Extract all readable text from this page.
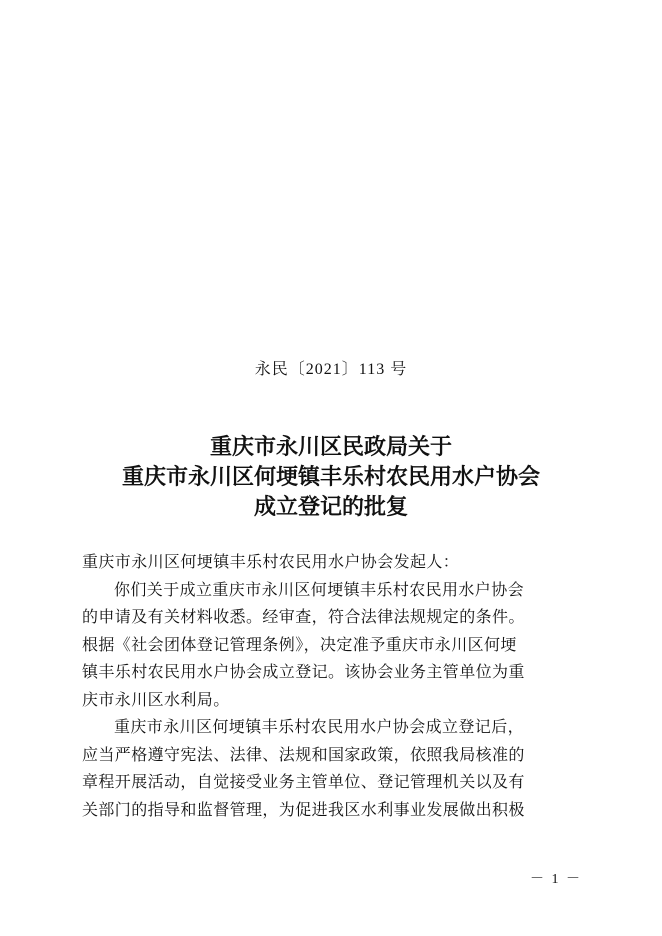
永民〔2021〕113 号
重庆市永川区民政局关于
重庆市永川区何埂镇丰乐村农民用水户协会
成立登记的批复
重庆市永川区何埂镇丰乐村农民用水户协会发起人：
你们关于成立重庆市永川区何埂镇丰乐村农民用水户协会
的申请及有关材料收悉。经审查，符合法律法规规定的条件。
根据《社会团体登记管理条例》，决定准予重庆市永川区何埂
镇丰乐村农民用水户协会成立登记。该协会业务主管单位为重
庆市永川区水利局。
重庆市永川区何埂镇丰乐村农民用水户协会成立登记后，
应当严格遵守宪法、法律、法规和国家政策，依照我局核准的
章程开展活动，自觉接受业务主管单位、登记管理机关以及有
关部门的指导和监督管理，为促进我区水利事业发展做出积极
－ 1 －
